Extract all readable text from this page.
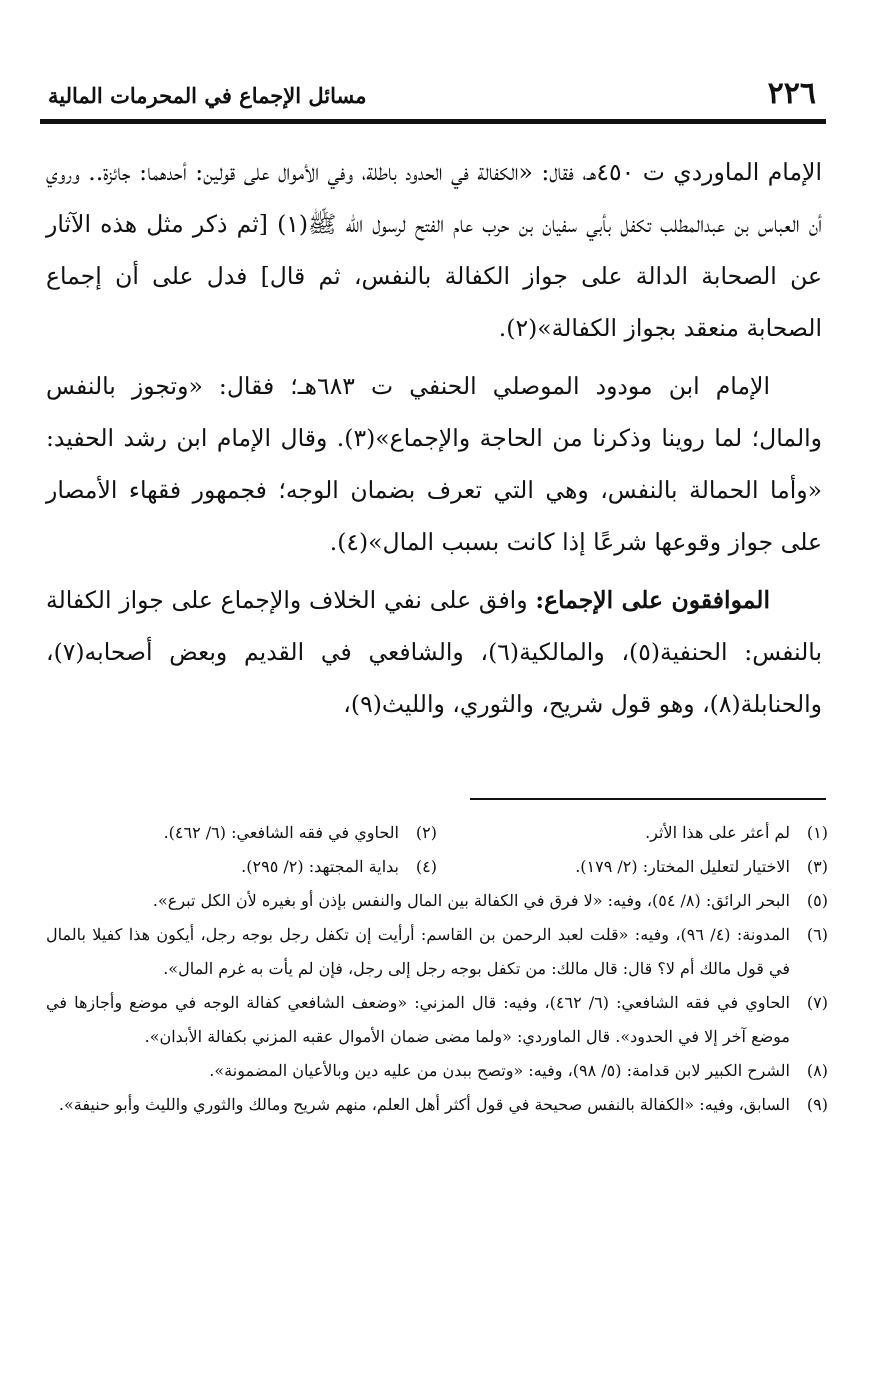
٢٢٦
مسائل الإجماع في المحرمات المالية

الإمام الماوردي ت ٤٥٠هـ، فقال: «الكفالة في الحدود باطلة، وفي الأموال على قولين: أحدهما: جائزة.. وروي أن العباس بن عبدالمطلب تكفل بأبي سفيان بن حرب عام الفتح لرسول الله ﷺ(١) [ثم ذكر مثل هذه الآثار عن الصحابة الدالة على جواز الكفالة بالنفس، ثم قال] فدل على أن إجماع الصحابة منعقد بجواز الكفالة»(٢).

الإمام ابن مودود الموصلي الحنفي ت ٦٨٣هـ؛ فقال: «وتجوز بالنفس والمال؛ لما روينا وذكرنا من الحاجة والإجماع»(٣). وقال الإمام ابن رشد الحفيد: «وأما الحمالة بالنفس، وهي التي تعرف بضمان الوجه؛ فجمهور فقهاء الأمصار على جواز وقوعها شرعًا إذا كانت بسبب المال»(٤).

الموافقون على الإجماع: وافق على نفي الخلاف والإجماع على جواز الكفالة بالنفس: الحنفية(٥)، والمالكية(٦)، والشافعي في القديم وبعض أصحابه(٧)، والحنابلة(٨)، وهو قول شريح، والثوري، والليث(٩)،

(١)
لم أعثر على هذا الأثر.
(٢)
الحاوي في فقه الشافعي: (٦/ ٤٦٢).
(٣)
الاختيار لتعليل المختار: (٢/ ١٧٩).
(٤)
بداية المجتهد: (٢/ ٢٩٥).
(٥)
البحر الرائق: (٨/ ٥٤)، وفيه: «لا فرق في الكفالة بين المال والنفس بإذن أو بغيره لأن الكل تبرع».
(٦)
المدونة: (٤/ ٩٦)، وفيه: «قلت لعبد الرحمن بن القاسم: أرأيت إن تكفل رجل بوجه رجل، أيكون هذا كفيلا بالمال في قول مالك أم لا؟ قال: قال مالك: من تكفل بوجه رجل إلى رجل، فإن لم يأت به غرم المال».
(٧)
الحاوي في فقه الشافعي: (٦/ ٤٦٢)، وفيه: قال المزني: «وضعف الشافعي كفالة الوجه في موضع وأجازها في موضع آخر إلا في الحدود». قال الماوردي: «ولما مضى ضمان الأموال عقبه المزني بكفالة الأبدان».
(٨)
الشرح الكبير لابن قدامة: (٥/ ٩٨)، وفيه: «وتصح ببدن من عليه دين وبالأعيان المضمونة».
(٩)
السابق، وفيه: «الكفالة بالنفس صحيحة في قول أكثر أهل العلم، منهم شريح ومالك والثوري والليث وأبو حنيفة».
